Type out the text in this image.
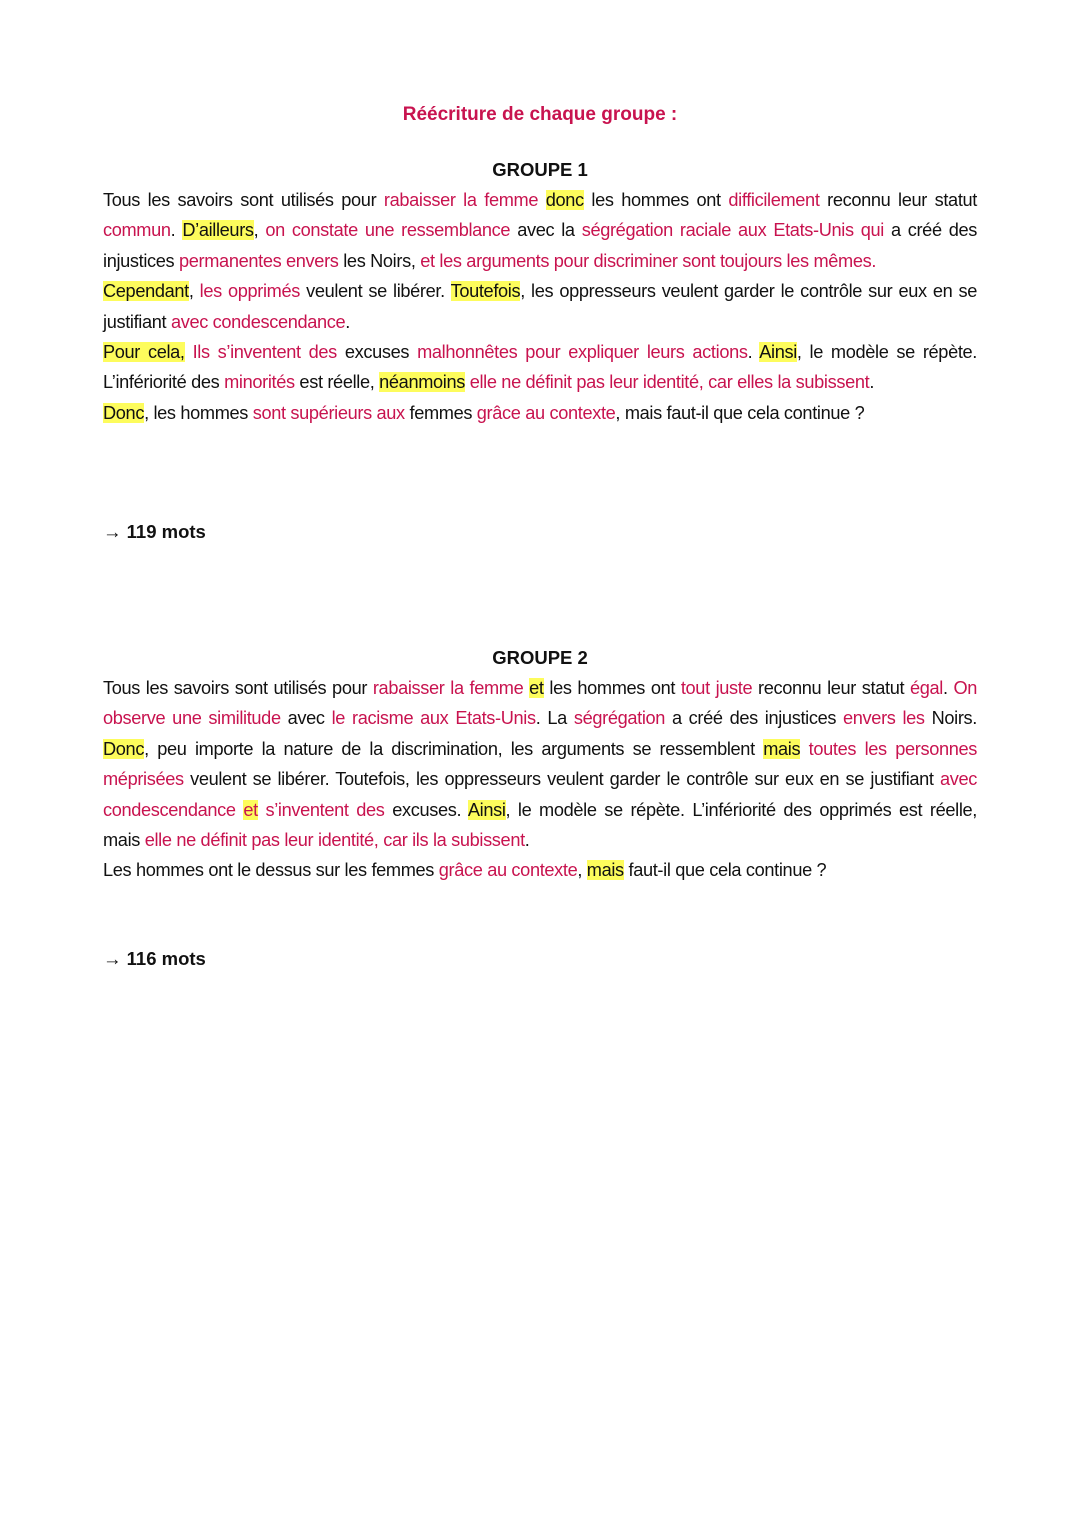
Réécriture de chaque groupe :
GROUPE 1

Tous les savoirs sont utilisés pour rabaisser la femme donc les hommes ont difficilement reconnu leur statut commun. D’ailleurs, on constate une ressemblance avec la ségrégation raciale aux Etats-Unis qui a créé des injustices permanentes envers les Noirs, et les arguments pour discriminer sont toujours les mêmes.

Cependant, les opprimés veulent se libérer. Toutefois, les oppresseurs veulent garder le contrôle sur eux en se justifiant avec condescendance.

Pour cela, Ils s’inventent des excuses malhonnêtes pour expliquer leurs actions. Ainsi, le modèle se répète. L’infériorité des minorités est réelle, néanmoins elle ne définit pas leur identité, car elles la subissent.

Donc, les hommes sont supérieurs aux femmes grâce au contexte, mais faut-il que cela continue ?

→ 119 mots
GROUPE 2

Tous les savoirs sont utilisés pour rabaisser la femme et les hommes ont tout juste reconnu leur statut égal. On observe une similitude avec le racisme aux Etats-Unis. La ségrégation a créé des injustices envers les Noirs. Donc, peu importe la nature de la discrimination, les arguments se ressemblent mais toutes les personnes méprisées veulent se libérer. Toutefois, les oppresseurs veulent garder le contrôle sur eux en se justifiant avec condescendance et s’inventent des excuses. Ainsi, le modèle se répète. L’infériorité des opprimés est réelle, mais elle ne définit pas leur identité, car ils la subissent.

Les hommes ont le dessus sur les femmes grâce au contexte, mais faut-il que cela continue ?

→ 116 mots
